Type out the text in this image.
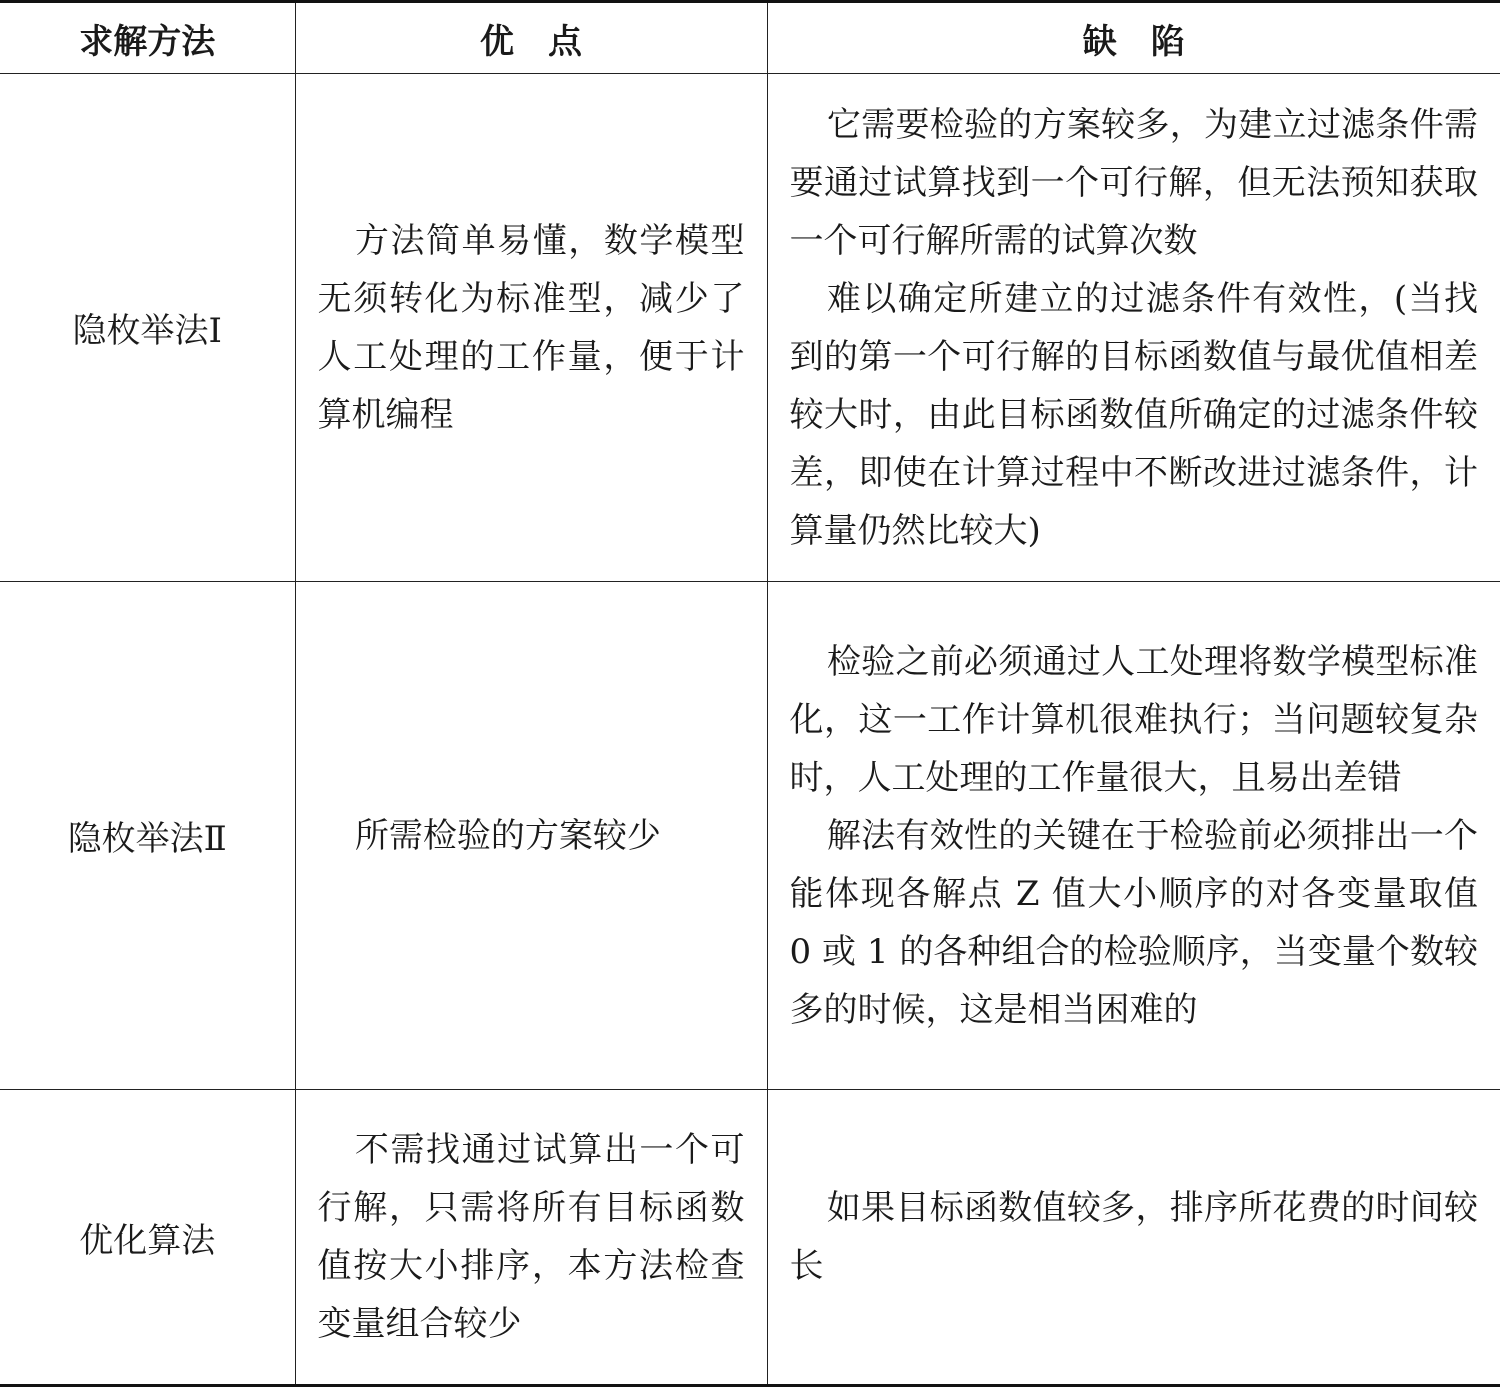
求解方法	优　点	缺　陷
隐枚举法Ⅰ	方法简单易懂，数学模型无须转化为标准型，减少了人工处理的工作量，便于计算机编程	它需要检验的方案较多，为建立过滤条件需要通过试算找到一个可行解，但无法预知获取一个可行解所需的试算次数

难以确定所建立的过滤条件有效性，(当找到的第一个可行解的目标函数值与最优值相差较大时，由此目标函数值所确定的过滤条件较差，即使在计算过程中不断改进过滤条件，计算量仍然比较大)

隐枚举法Ⅱ	所需检验的方案较少	检验之前必须通过人工处理将数学模型标准化，这一工作计算机很难执行；当问题较复杂时，人工处理的工作量很大，且易出差错

解法有效性的关键在于检验前必须排出一个能体现各解点 Z 值大小顺序的对各变量取值 0 或 1 的各种组合的检验顺序，当变量个数较多的时候，这是相当困难的

优化算法	不需找通过试算出一个可行解，只需将所有目标函数值按大小排序，本方法检查变量组合较少	如果目标函数值较多，排序所花费的时间较长
